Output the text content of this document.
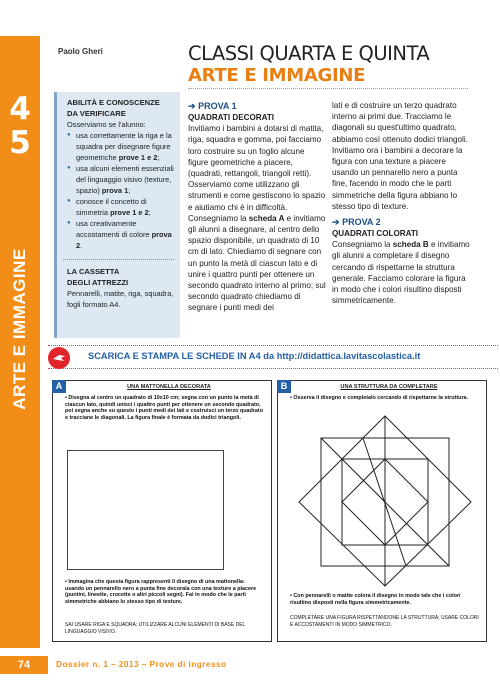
4
5
ARTE E IMMAGINE
Paolo Gheri	CLASSI QUARTA E QUINTA
ARTE E IMMAGINE
ABILITÀ E CONOSCENZE
DA VERIFICARE

Osserviamo se l'alunno:

● usa correttamente la riga e la squadra per disegnare figure geometriche prove 1 e 2;
● usa alcuni elementi essenziali del linguaggio visivo (texture, spazio) prova 1;
● conosce il concetto di simmetria prove 1 e 2;
● usa creativamente accostamenti di colore prova 2.
LA CASSETTA
DEGLI ATTREZZI

Pennarelli, matite, riga, squadra, fogli formato A4.

➔ PROVA 1
QUADRATI DECORATI
Invitiamo i bambini a dotarsi di matita, riga, squadra e gomma, poi facciamo loro costruire su un foglio alcune figure geometriche a piacere, (quadrati, rettangoli, triangoli retti). Osserviamo come utilizzano gli strumenti e come gestiscono lo spazio e aiutiamo chi è in difficoltà. Consegniamo la scheda A e invitiamo gli alunni a disegnare, al centro dello spazio disponibile, un quadrato di 10 cm di lato. Chiediamo di segnare con un punto la metà di ciascun lato e di unire i quattro punti per ottenere un secondo quadrato interno al primo; sul secondo quadrato chiediamo di segnare i punti medi dei
lati e di costruire un terzo quadrato interno ai primi due. Tracciamo le diagonali su quest'ultimo quadrato, abbiamo così ottenuto dodici triangoli. Invitiamo ora i bambini a decorare la figura con una texture a piacere usando un pennarello nero a punta fine, facendo in modo che le parti simmetriche della figura abbiano lo stesso tipo di texture.
➔ PROVA 2
QUADRATI COLORATI
Consegniamo la scheda B e invitiamo gli alunni a completare il disegno cercando di rispettarne la struttura generale. Facciamo colorare la figura in modo che i colori risultino disposti simmetricamente.
SCARICA E STAMPA LE SCHEDE IN A4 da http://didattica.lavitascolastica.it
A	UNA MATTONELLA DECORATA
• Disegna al centro un quadrato di 10x10 cm; segna con un punto la metà di ciascun lato, quindi unisci i quattro punti per ottenere un secondo quadrato, poi segna anche su questo i punti medi dei lati e costruisci un terzo quadrato e tracciane le diagonali. La figura finale è formata da dodici triangoli.
• Immagina che questa figura rappresenti il disegno di una mattonella: usando un pennarello nero a punta fine decorala con una texture a piacere (puntini, lineette, crocette o altri piccoli segni). Fai in modo che le parti simmetriche abbiano lo stesso tipo di texture.
SAI USARE RIGA E SQUADRA; UTILIZZARE ALCUNI ELEMENTI DI BASE DEL LINGUAGGIO VISIVO.
B	UNA STRUTTURA DA COMPLETARE
• Osserva il disegno e completalo cercando di rispettarne la struttura.
• Con pennarelli o matite colora il disegno in modo tale che i colori risultino disposti nella figura simmetricamente.
COMPLETARE UNA FIGURA RISPETTANDONE LA STRUTTURA; USARE COLORI E ACCOSTAMENTI IN MODO SIMMETRICO.
74	Dossier n. 1 – 2013 – Prove di ingresso
